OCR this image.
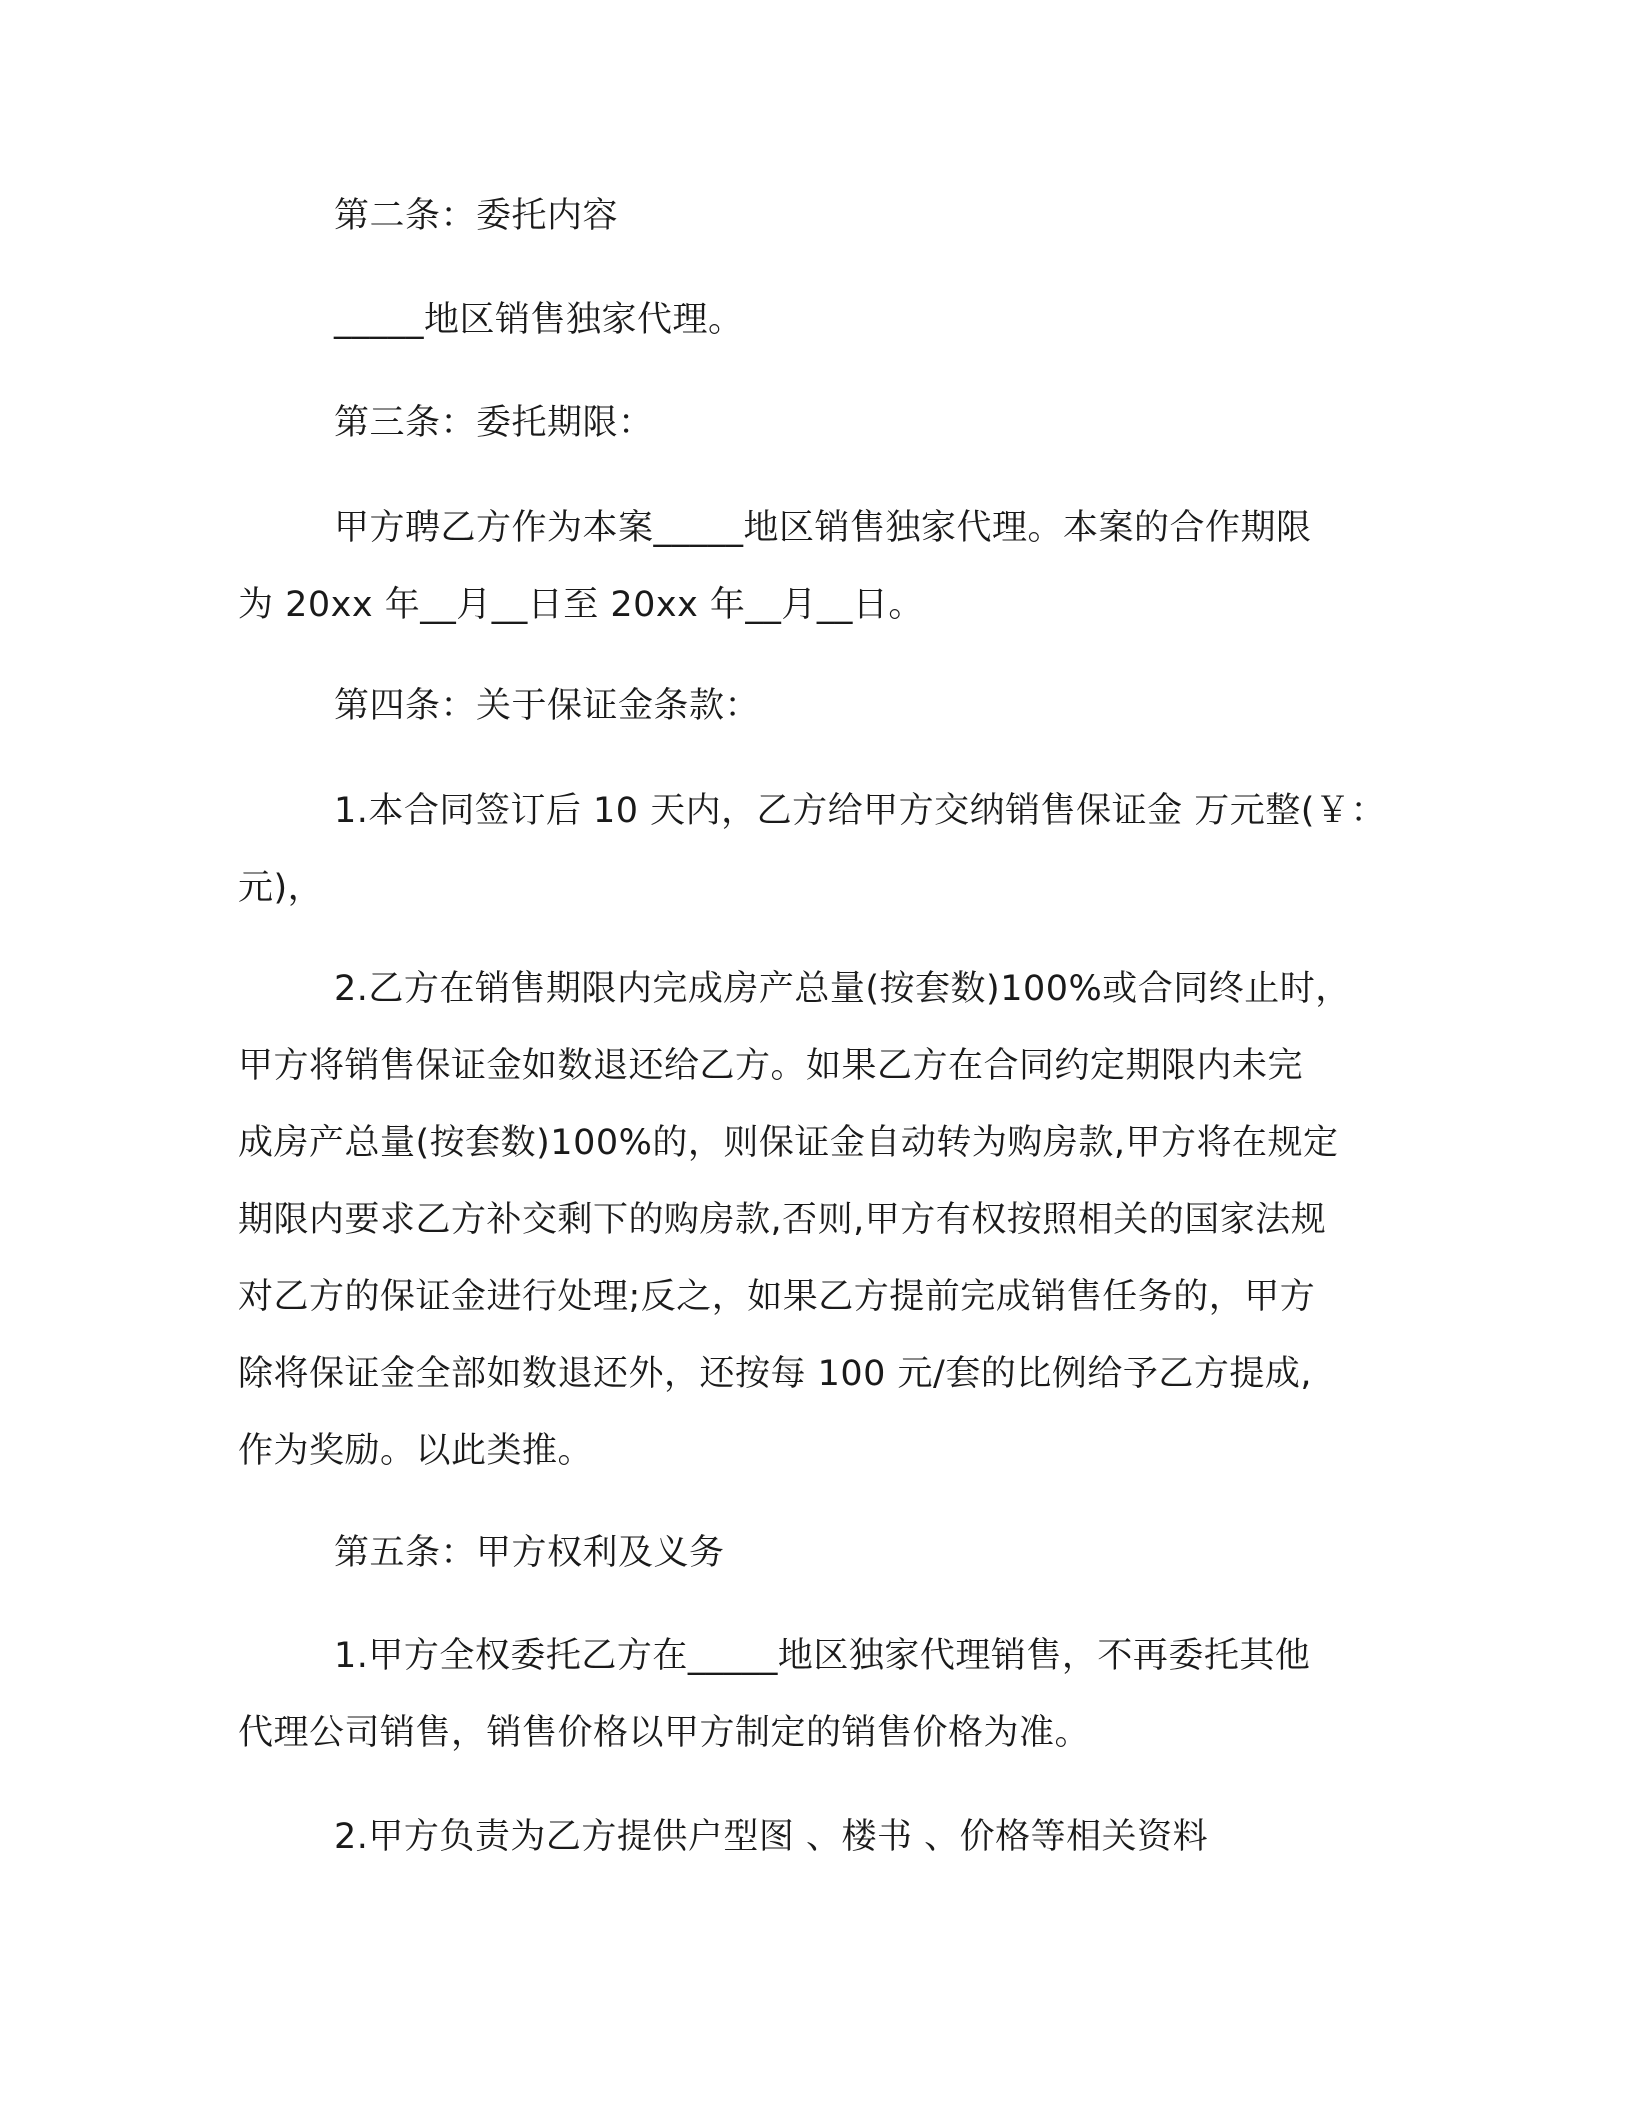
第二条：委托内容
_____地区销售独家代理。
第三条：委托期限：
甲方聘乙方作为本案_____地区销售独家代理。本案的合作期限
为 20xx 年__月__日至 20xx 年__月__日。
第四条：关于保证金条款：
1.本合同签订后 10 天内，乙方给甲方交纳销售保证金 万元整(￥：
元)，
2.乙方在销售期限内完成房产总量(按套数)100%或合同终止时，
甲方将销售保证金如数退还给乙方。如果乙方在合同约定期限内未完
成房产总量(按套数)100%的，则保证金自动转为购房款,甲方将在规定
期限内要求乙方补交剩下的购房款,否则,甲方有权按照相关的国家法规
对乙方的保证金进行处理;反之，如果乙方提前完成销售任务的，甲方
除将保证金全部如数退还外，还按每 100 元/套的比例给予乙方提成,
作为奖励。以此类推。
第五条：甲方权利及义务
1.甲方全权委托乙方在_____地区独家代理销售，不再委托其他
代理公司销售，销售价格以甲方制定的销售价格为准。
2.甲方负责为乙方提供户型图 、楼书 、价格等相关资料
